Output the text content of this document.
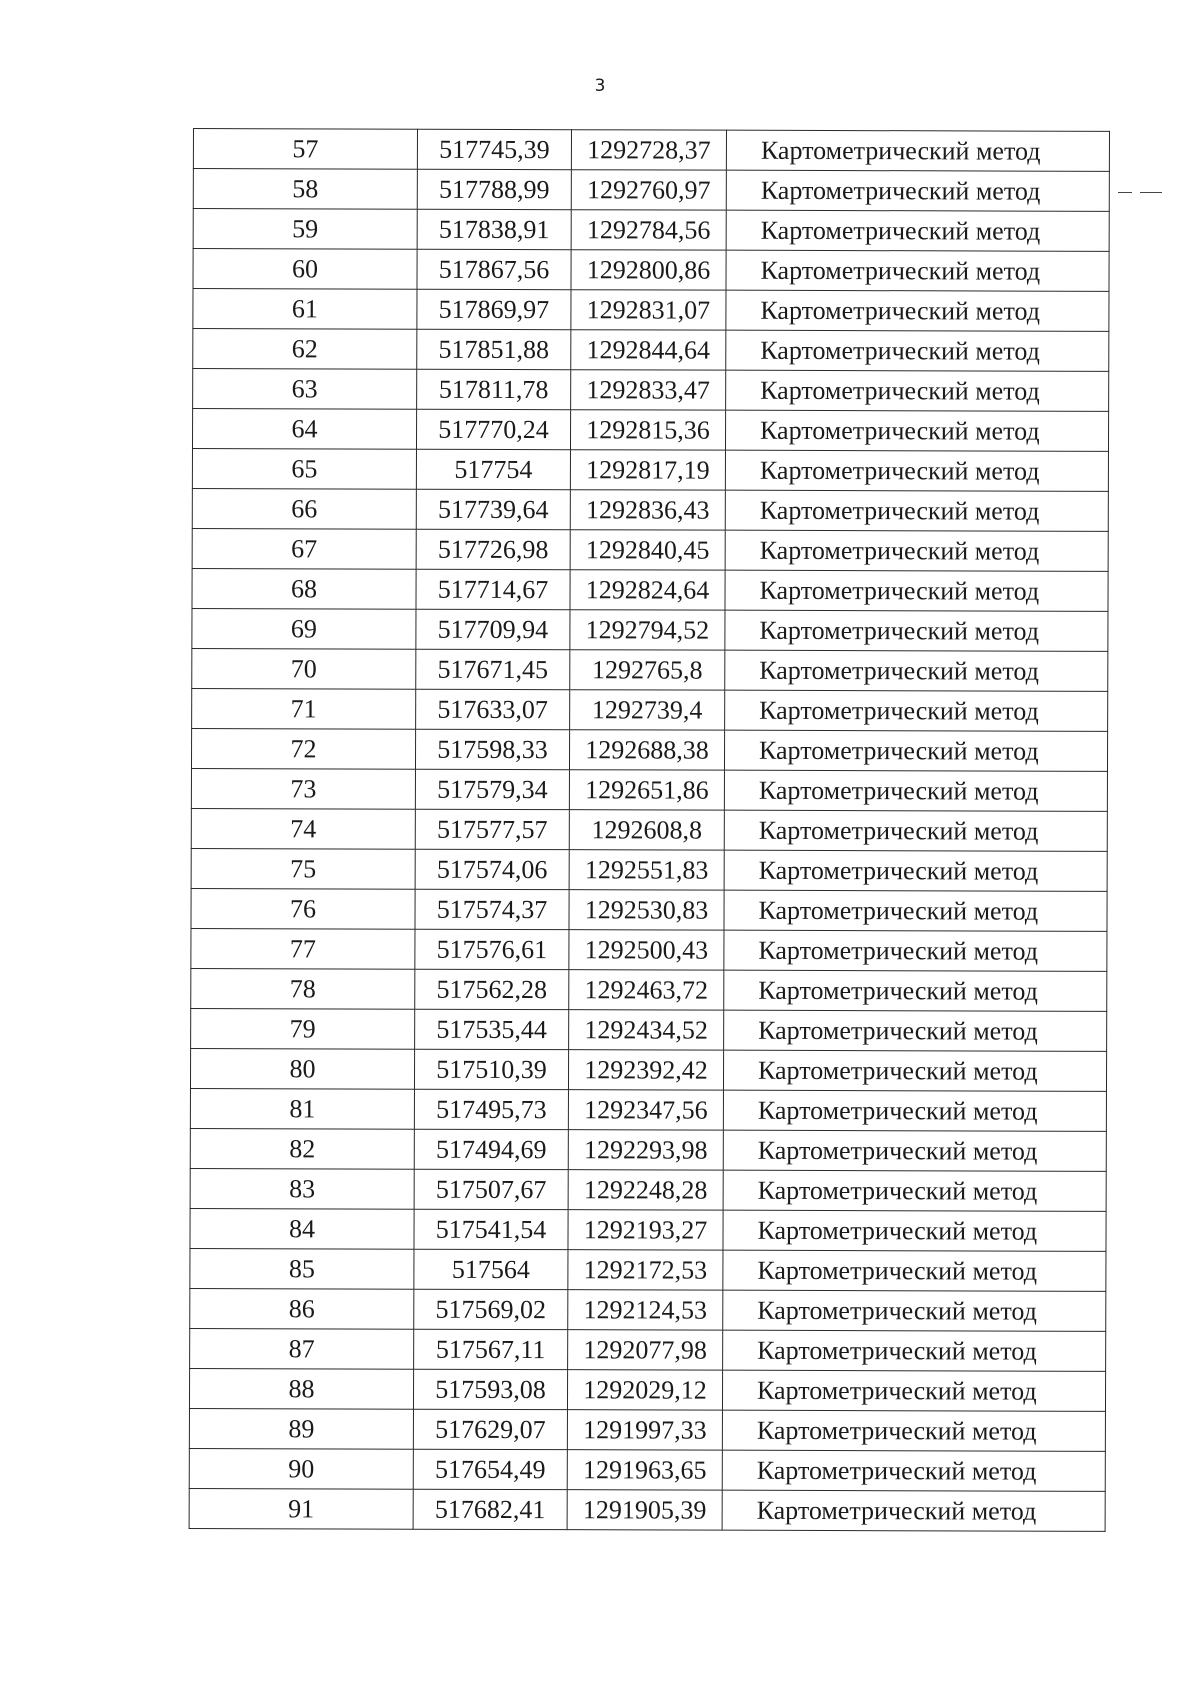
3
57	517745,39	1292728,37	Картометрический метод
58	517788,99	1292760,97	Картометрический метод
59	517838,91	1292784,56	Картометрический метод
60	517867,56	1292800,86	Картометрический метод
61	517869,97	1292831,07	Картометрический метод
62	517851,88	1292844,64	Картометрический метод
63	517811,78	1292833,47	Картометрический метод
64	517770,24	1292815,36	Картометрический метод
65	517754	1292817,19	Картометрический метод
66	517739,64	1292836,43	Картометрический метод
67	517726,98	1292840,45	Картометрический метод
68	517714,67	1292824,64	Картометрический метод
69	517709,94	1292794,52	Картометрический метод
70	517671,45	1292765,8	Картометрический метод
71	517633,07	1292739,4	Картометрический метод
72	517598,33	1292688,38	Картометрический метод
73	517579,34	1292651,86	Картометрический метод
74	517577,57	1292608,8	Картометрический метод
75	517574,06	1292551,83	Картометрический метод
76	517574,37	1292530,83	Картометрический метод
77	517576,61	1292500,43	Картометрический метод
78	517562,28	1292463,72	Картометрический метод
79	517535,44	1292434,52	Картометрический метод
80	517510,39	1292392,42	Картометрический метод
81	517495,73	1292347,56	Картометрический метод
82	517494,69	1292293,98	Картометрический метод
83	517507,67	1292248,28	Картометрический метод
84	517541,54	1292193,27	Картометрический метод
85	517564	1292172,53	Картометрический метод
86	517569,02	1292124,53	Картометрический метод
87	517567,11	1292077,98	Картометрический метод
88	517593,08	1292029,12	Картометрический метод
89	517629,07	1291997,33	Картометрический метод
90	517654,49	1291963,65	Картометрический метод
91	517682,41	1291905,39	Картометрический метод
